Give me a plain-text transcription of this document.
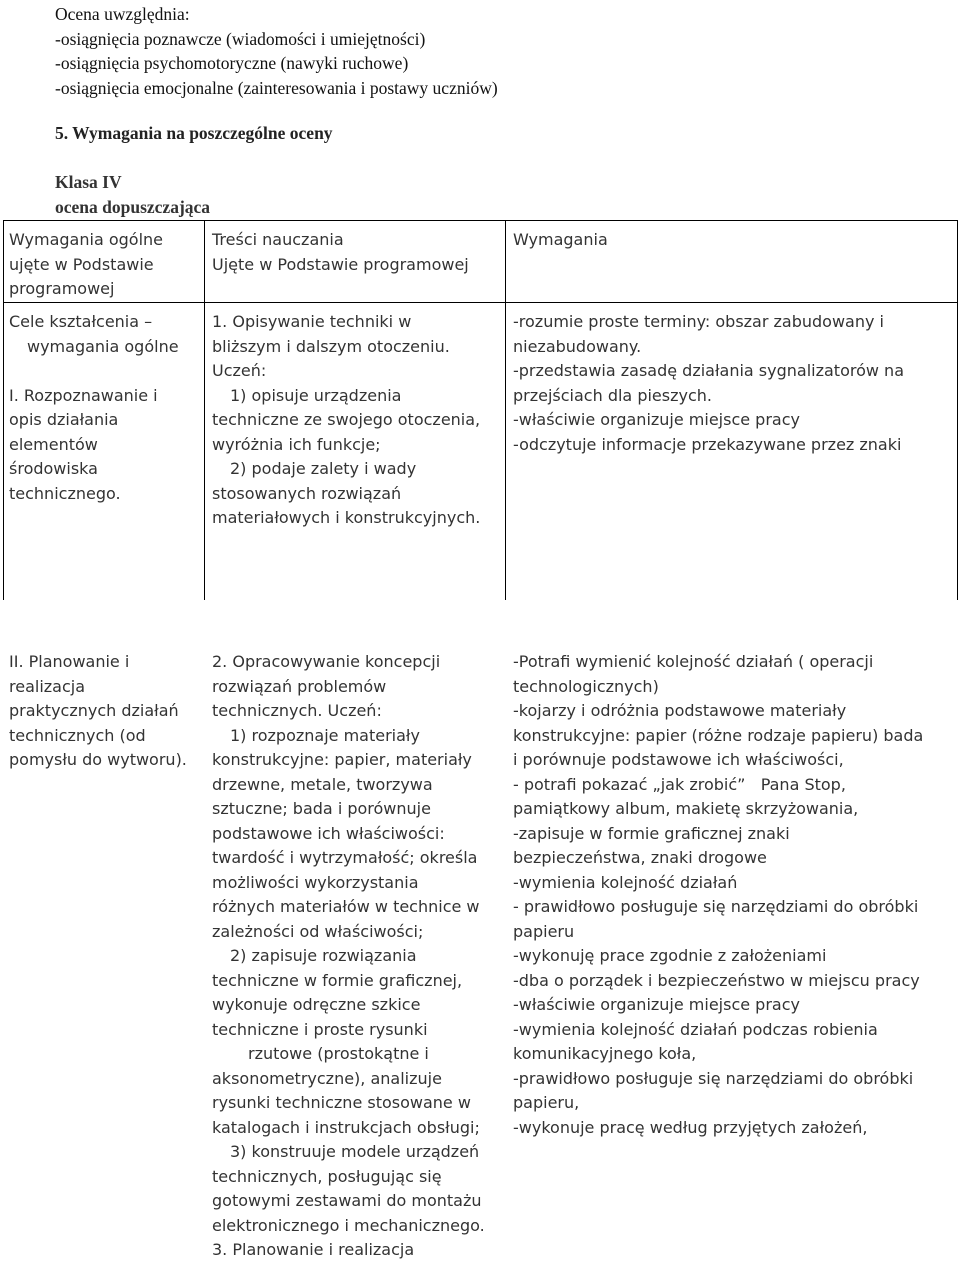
Ocena uwzględnia:
-osiągnięcia poznawcze (wiadomości i umiejętności)
-osiągnięcia psychomotoryczne (nawyki ruchowe)
-osiągnięcia emocjonalne (zainteresowania i postawy uczniów)
5. Wymagania na poszczególne oceny
Klasa IV
ocena dopuszczająca
Wymagania ogólne
ujęte w Podstawie
programowej
Treści nauczania
Ujęte w Podstawie programowej
Wymagania
Cele kształcenia –
wymagania ogólne

I. Rozpoznawanie i
opis działania
elementów
środowiska
technicznego.
1. Opisywanie techniki w
bliższym i dalszym otoczeniu.
Uczeń:
1) opisuje urządzenia
techniczne ze swojego otoczenia,
wyróżnia ich funkcje;
2) podaje zalety i wady
stosowanych rozwiązań
materiałowych i konstrukcyjnych.
-rozumie proste terminy: obszar zabudowany i
niezabudowany.
-przedstawia zasadę działania sygnalizatorów na
przejściach dla pieszych.
-właściwie organizuje miejsce pracy
-odczytuje informacje przekazywane przez znaki
II. Planowanie i
realizacja
praktycznych działań
technicznych (od
pomysłu do wytworu).
2. Opracowywanie koncepcji
rozwiązań problemów
technicznych. Uczeń:
1) rozpoznaje materiały
konstrukcyjne: papier, materiały
drzewne, metale, tworzywa
sztuczne; bada i porównuje
podstawowe ich właściwości:
twardość i wytrzymałość; określa
możliwości wykorzystania
różnych materiałów w technice w
zależności od właściwości;
2) zapisuje rozwiązania
techniczne w formie graficznej,
wykonuje odręczne szkice
techniczne i proste rysunki
rzutowe (prostokątne i
aksonometryczne), analizuje
rysunki techniczne stosowane w
katalogach i instrukcjach obsługi;
3) konstruuje modele urządzeń
technicznych, posługując się
gotowymi zestawami do montażu
elektronicznego i mechanicznego.
3. Planowanie i realizacja
-Potrafi wymienić kolejność działań ( operacji
technologicznych)
-kojarzy i odróżnia podstawowe materiały
konstrukcyjne: papier (różne rodzaje papieru) bada
i porównuje podstawowe ich właściwości,
- potrafi pokazać „jak zrobić”   Pana Stop,
pamiątkowy album, makietę skrzyżowania,
-zapisuje w formie graficznej znaki
bezpieczeństwa, znaki drogowe
-wymienia kolejność działań
- prawidłowo posługuje się narzędziami do obróbki
papieru
-wykonuję prace zgodnie z założeniami
-dba o porządek i bezpieczeństwo w miejscu pracy
-właściwie organizuje miejsce pracy
-wymienia kolejność działań podczas robienia
komunikacyjnego koła,
-prawidłowo posługuje się narzędziami do obróbki
papieru,
-wykonuje pracę według przyjętych założeń,
